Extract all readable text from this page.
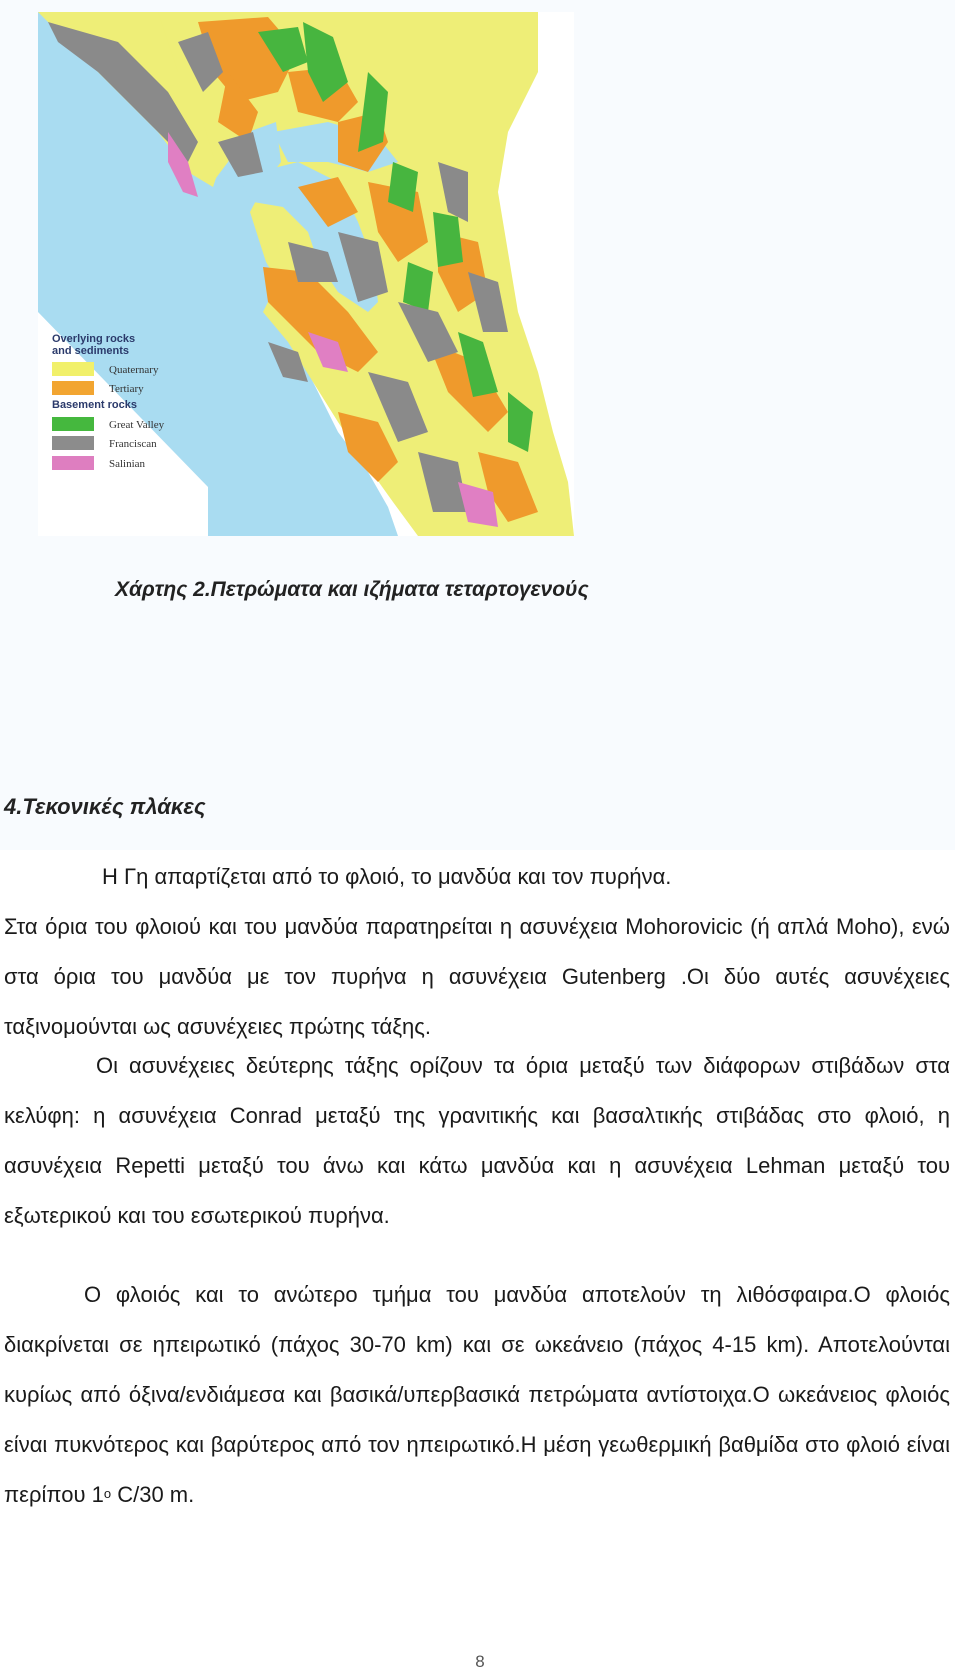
Overlying rocks
and sediments
Quaternary
Tertiary
Basement rocks
Great Valley
Franciscan
Salinian
Χάρτης 2.Πετρώματα και ιζήματα τεταρτογενούς
4.Τεκονικές πλάκες

Η Γη απαρτίζεται από το φλοιό, το μανδύα και τον πυρήνα.
Στα όρια του φλοιού και του μανδύα παρατηρείται η ασυνέχεια Mohorovicic (ή απλά Moho), ενώ στα όρια του μανδύα με τον πυρήνα η ασυνέχεια Gutenberg .Οι δύο αυτές ασυνέχειες ταξινομούνται ως ασυνέχειες πρώτης τάξης.

Οι ασυνέχειες δεύτερης τάξης ορίζουν τα όρια μεταξύ των διάφορων στιβάδων στα κελύφη: η ασυνέχεια Conrad μεταξύ της γρανιτικής και βασαλτικής στιβάδας στο φλοιό, η ασυνέχεια Repetti μεταξύ του άνω και κάτω μανδύα και η ασυνέχεια Lehman μεταξύ του εξωτερικού και του εσωτερικού πυρήνα.

Ο φλοιός και το ανώτερο τμήμα του μανδύα αποτελούν τη λιθόσφαιρα.Ο φλοιός διακρίνεται σε ηπειρωτικό (πάχος 30-70 km) και σε ωκεάνειο (πάχος 4-15 km). Αποτελούνται κυρίως από όξινα/ενδιάμεσα και βασικά/υπερβασικά πετρώματα αντίστοιχα.Ο ωκεάνειος φλοιός είναι πυκνότερος και βαρύτερος από τον ηπειρωτικό.Η μέση γεωθερμική βαθμίδα στο φλοιό είναι περίπου $1^o$ C/30 m.

8
